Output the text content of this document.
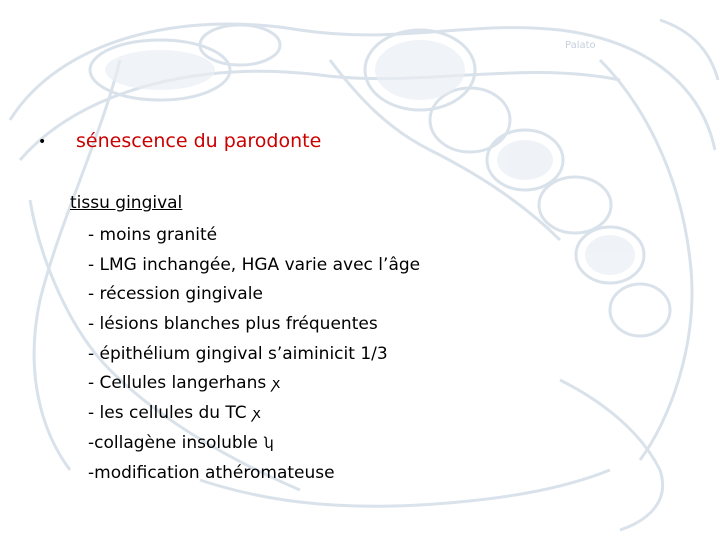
Palato
• sénescence du parodonte
tissu gingival
- moins granité
- LMG inchangée, HGA varie avec l’âge
- récession gingivale
- lésions blanches plus fréquentes
- épithélium gingival s’aiminicit 1/3
- Cellules langerhans ꭗ
- les cellules du TC ꭗ
-collagène insoluble ʮ
-modification athéromateuse
